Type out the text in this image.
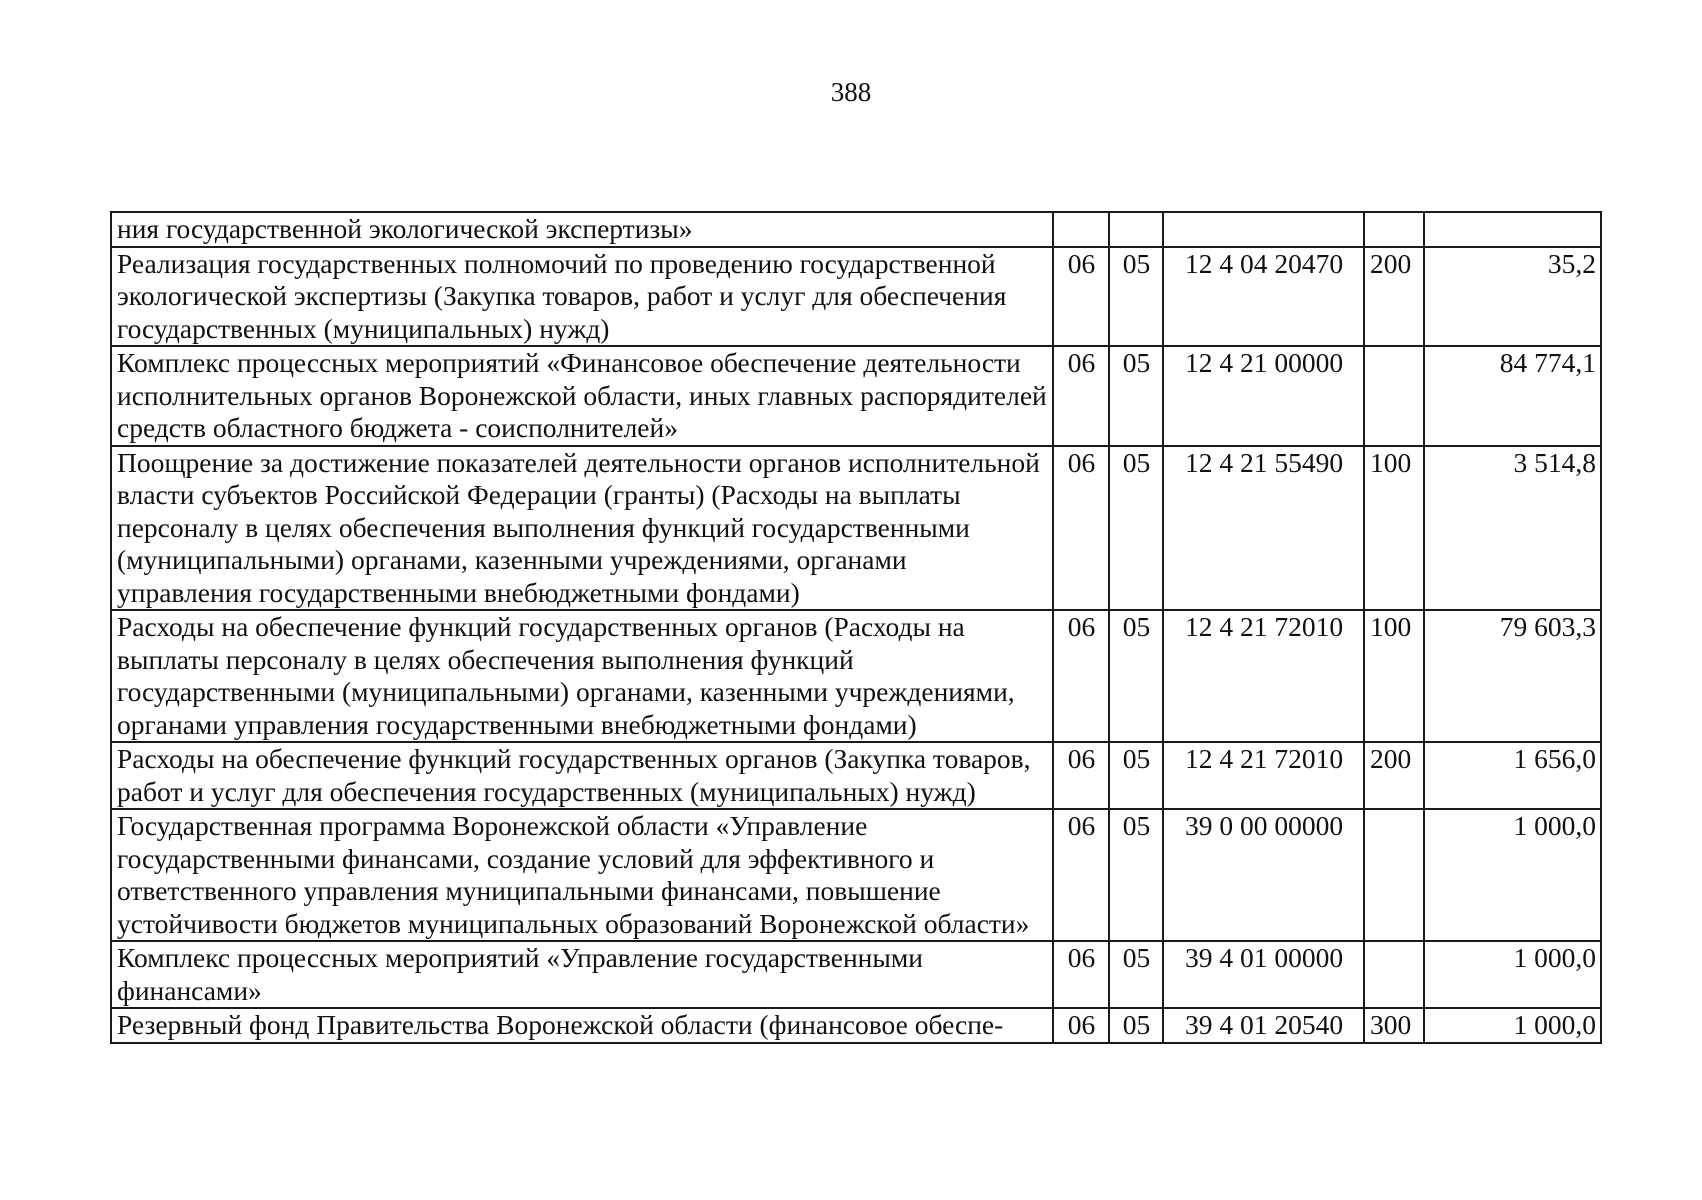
388
ния государственной экологической экспертизы»					
Реализация государственных полномочий по проведению государственной экологической экспертизы (Закупка товаров, работ и услуг для обеспечения государственных (муниципальных) нужд)	06	05	12 4 04 20470	200	35,2
Комплекс процессных мероприятий «Финансовое обеспечение деятельности исполнительных органов Воронежской области, иных главных распорядителей средств областного бюджета - соисполнителей»	06	05	12 4 21 00000		84 774,1
Поощрение за достижение показателей деятельности органов исполнительной власти субъектов Российской Федерации (гранты) (Расходы на выплаты персоналу в целях обеспечения выполнения функций государственными (муниципальными) органами, казенными учреждениями, органами управления государственными внебюджетными фондами)	06	05	12 4 21 55490	100	3 514,8
Расходы на обеспечение функций государственных органов (Расходы на выплаты персоналу в целях обеспечения выполнения функций государственными (муниципальными) органами, казенными учреждениями, органами управления государственными внебюджетными фондами)	06	05	12 4 21 72010	100	79 603,3
Расходы на обеспечение функций государственных органов (Закупка товаров, работ и услуг для обеспечения государственных (муниципальных) нужд)	06	05	12 4 21 72010	200	1 656,0
Государственная программа Воронежской области «Управление государственными финансами, создание условий для эффективного и ответственного управления муниципальными финансами, повышение устойчивости бюджетов муниципальных образований Воронежской области»	06	05	39 0 00 00000		1 000,0
Комплекс процессных мероприятий «Управление государственными финансами»	06	05	39 4 01 00000		1 000,0
Резервный фонд Правительства Воронежской области (финансовое обеспе-	06	05	39 4 01 20540	300	1 000,0
